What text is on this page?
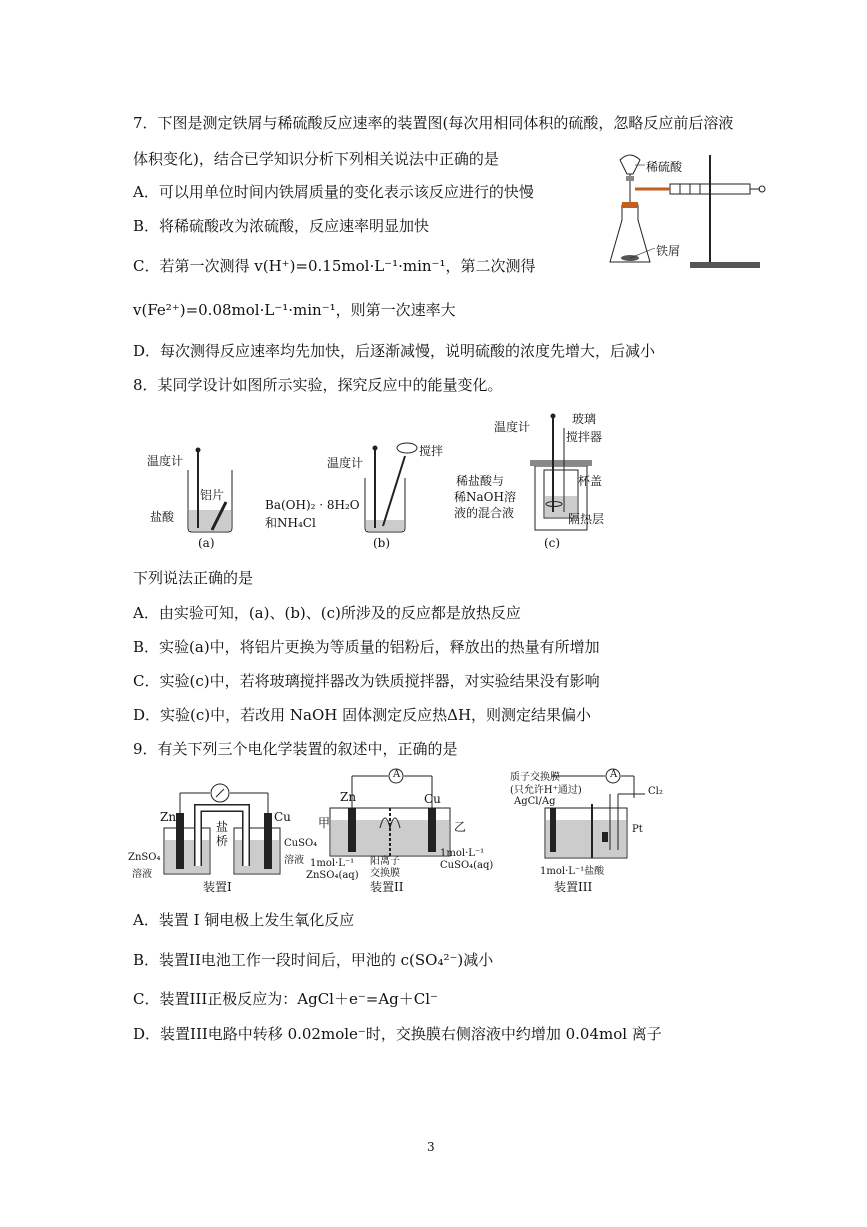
7．下图是测定铁屑与稀硫酸反应速率的装置图(每次用相同体积的硫酸，忽略反应前后溶液
体积变化)，结合已学知识分析下列相关说法中正确的是
A．可以用单位时间内铁屑质量的变化表示该反应进行的快慢
B．将稀硫酸改为浓硫酸，反应速率明显加快
C．若第一次测得 v(H⁺)=0.15mol·L⁻¹·min⁻¹，第二次测得
v(Fe²⁺)=0.08mol·L⁻¹·min⁻¹，则第一次速率大
D．每次测得反应速率均先加快，后逐渐减慢，说明硫酸的浓度先增大，后减小
稀硫酸
铁屑
8．某同学设计如图所示实验，探究反应中的能量变化。
温度计
铝片
盐酸
(a)
温度计
搅拌
Ba(OH)₂ · 8H₂O
和NH₄Cl
(b)
温度计
玻璃
搅拌器
杯盖
稀盐酸与
稀NaOH溶
液的混合液	隔热层
(c)
下列说法正确的是
A．由实验可知，(a)、(b)、(c)所涉及的反应都是放热反应
B．实验(a)中，将铝片更换为等质量的铝粉后，释放出的热量有所增加
C．实验(c)中，若将玻璃搅拌器改为铁质搅拌器，对实验结果没有影响
D．实验(c)中，若改用 NaOH 固体测定反应热ΔH，则测定结果偏小
9．有关下列三个电化学装置的叙述中，正确的是
Zn	Cu
盐
桥
ZnSO₄
溶液
CuSO₄
溶液
装置I
A
Zn	Cu
甲	乙
1mol·L⁻¹
ZnSO₄(aq)
阳离子
交换膜
1mol·L⁻¹
CuSO₄(aq)
装置II
质子交换膜
(只允许H⁺通过)
AgCl/Ag
A
Cl₂
Pt
1mol·L⁻¹盐酸
装置III
A．装置 I 铜电极上发生氧化反应
B．装置II电池工作一段时间后，甲池的 c(SO₄²⁻)减小
C．装置III正极反应为：AgCl＋e⁻=Ag＋Cl⁻
D．装置III电路中转移 0.02mole⁻时，交换膜右侧溶液中约增加 0.04mol 离子
3
